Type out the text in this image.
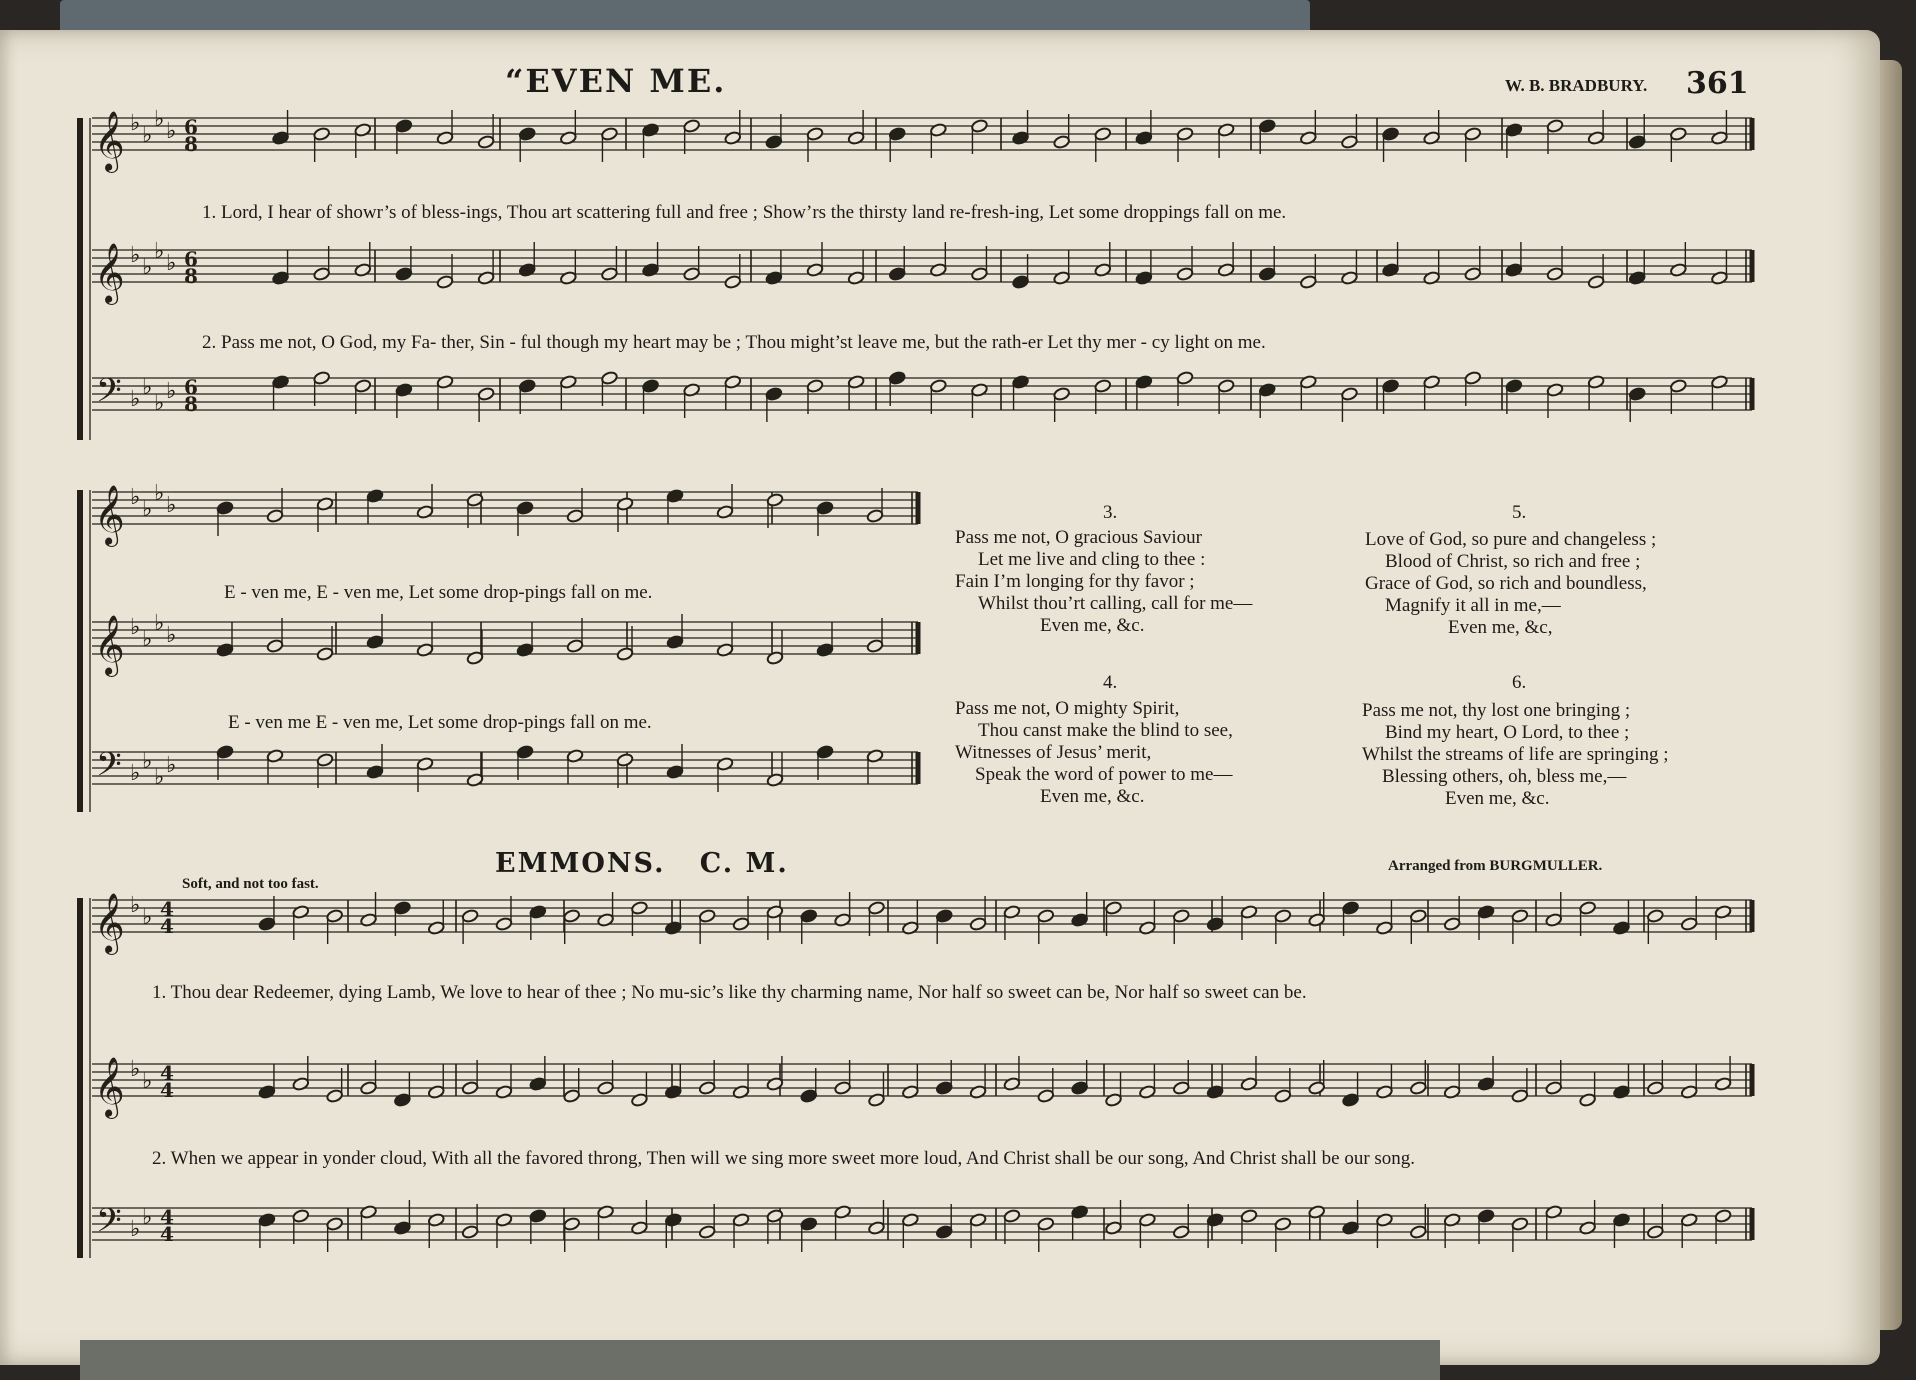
𝄞 ♭ ♭
♭ ♭ 6
8
𝄞 ♭ ♭
♭ ♭ 6
8
𝄢 ♭ ♭
♭ ♭ 6
8
𝄞 ♭ ♭
♭ ♭
𝄞 ♭ ♭
♭ ♭
𝄢 ♭ ♭
♭ ♭
𝄞 ♭ ♭ 4
4
𝄞 ♭ ♭ 4
4
𝄢 ♭ ♭ 4
4
“EVEN ME.	W. B. BRADBURY. 361
1. Lord, I hear of showr’s of bless-ings, Thou art scattering full and free ; Show’rs the thirsty land re-fresh-ing, Let some droppings fall on me.
2. Pass me not, O God, my Fa- ther, Sin - ful though my heart may be ; Thou might’st leave me, but the rath-er Let thy mer - cy light on me.
E - ven me, E - ven me, Let some drop-pings fall on me.
E - ven me E - ven me, Let some drop-pings fall on me.
3.
Pass me not, O gracious Saviour
Let me live and cling to thee :
Fain I’m longing for thy favor ;
Whilst thou’rt calling, call for me—
Even me, &c.
4.
Pass me not, O mighty Spirit,
Thou canst make the blind to see,
Witnesses of Jesus’ merit,
Speak the word of power to me—
Even me, &c.
5.
Love of God, so pure and changeless ;
Blood of Christ, so rich and free ;
Grace of God, so rich and boundless,
Magnify it all in me,—
Even me, &c,
6.
Pass me not, thy lost one bringing ;
Bind my heart, O Lord, to thee ;
Whilst the streams of life are springing ;
Blessing others, oh, bless me,—
Even me, &c.
EMMONS.   C. M.	Arranged from BURGMULLER.
Soft, and not too fast.
1. Thou dear Redeemer, dying Lamb, We love to hear of thee ; No mu-sic’s like thy charming name, Nor half so sweet can be, Nor half so sweet can be.
2. When we appear in yonder cloud, With all the favored throng, Then will we sing more sweet more loud, And Christ shall be our song, And Christ shall be our song.
